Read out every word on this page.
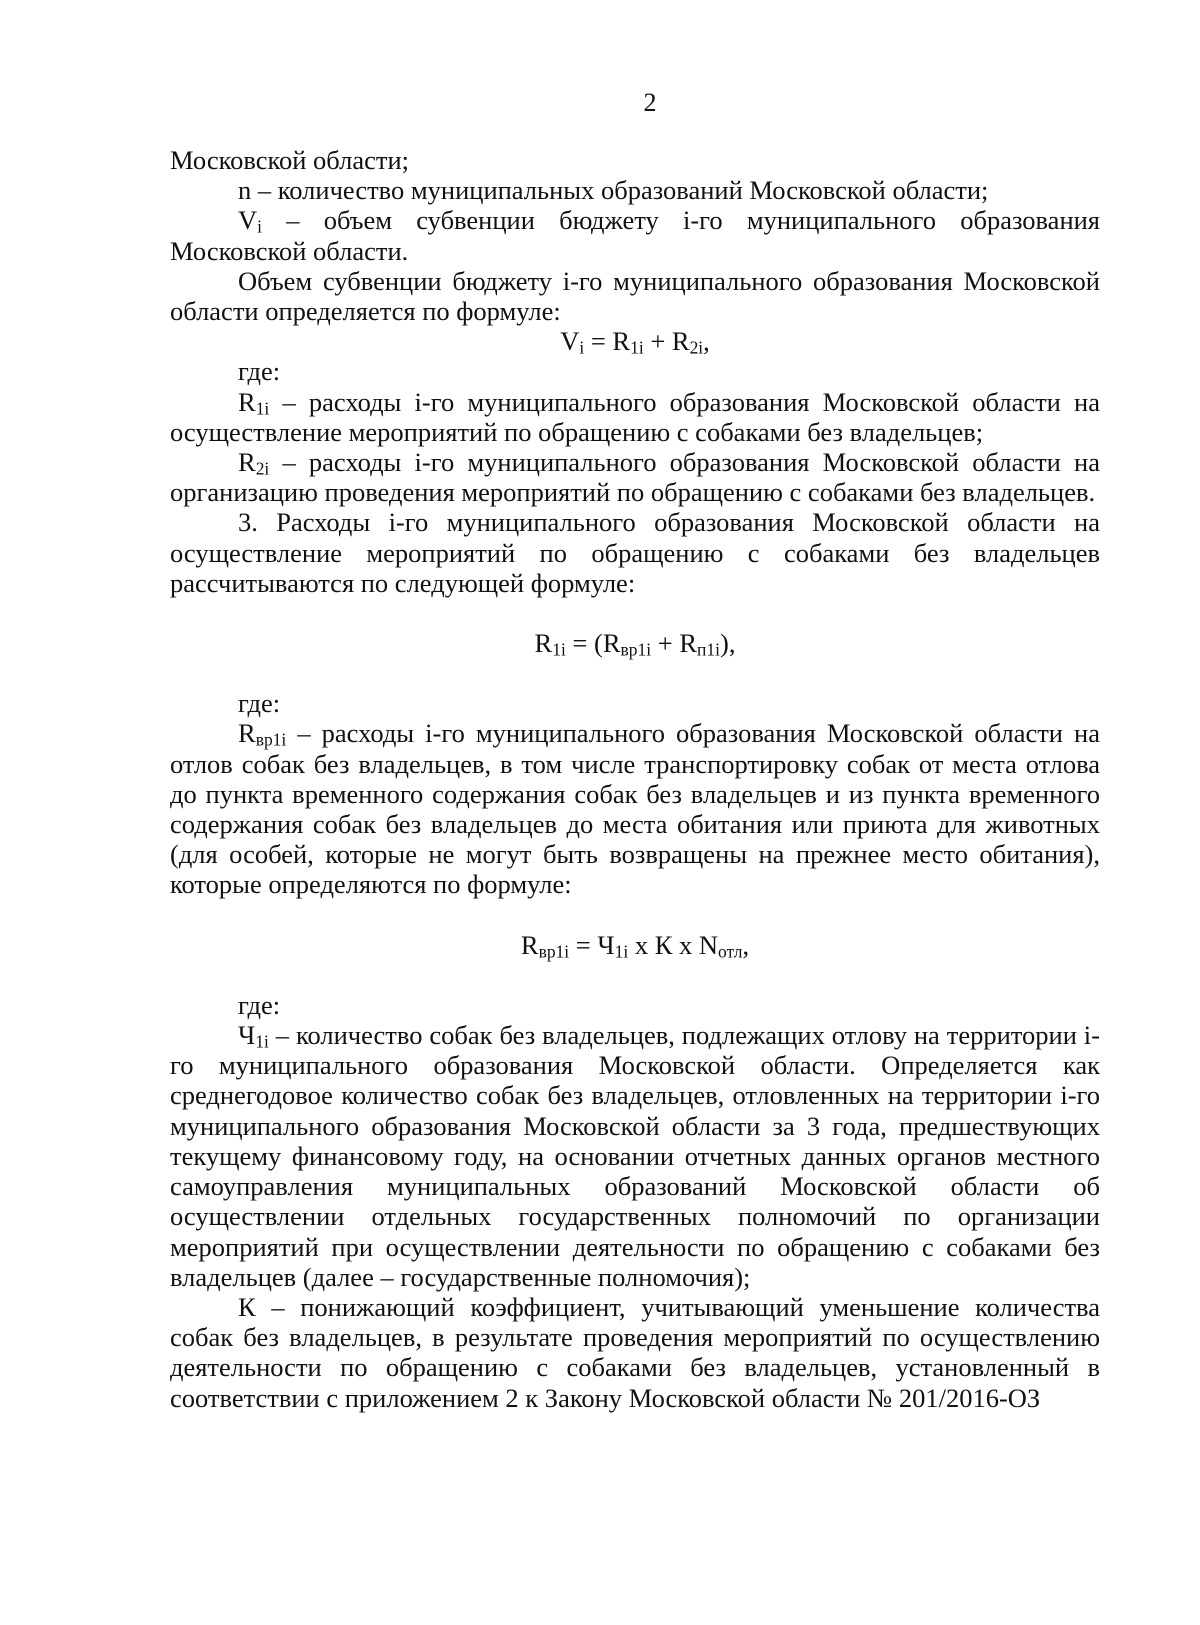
2

Московской области;

n – количество муниципальных образований Московской области;

$V_i$ – объем субвенции бюджету i-го муниципального образования Московской области.

Объем субвенции бюджету i-го муниципального образования Московской области определяется по формуле:

$V_i = R_{1i} + R_{2i}$,

где:

$R_{1i}$ – расходы i-го муниципального образования Московской области на осуществление мероприятий по обращению с собаками без владельцев;

$R_{2i}$ – расходы i-го муниципального образования Московской области на организацию проведения мероприятий по обращению с собаками без владельцев.

3. Расходы i-го муниципального образования Московской области на осуществление мероприятий по обращению с собаками без владельцев рассчитываются по следующей формуле:

$R_{1i} = (R_{вр1i} + R_{п1i})$,

где:

$R_{вр1i}$ – расходы i-го муниципального образования Московской области на отлов собак без владельцев, в том числе транспортировку собак от места отлова до пункта временного содержания собак без владельцев и из пункта временного содержания собак без владельцев до места обитания или приюта для животных (для особей, которые не могут быть возвращены на прежнее место обитания), которые определяются по формуле:

$R_{вр1i} = Ч_{1i}$ х К х $N_{отл}$,

где:

$Ч_{1i}$ – количество собак без владельцев, подлежащих отлову на территории i-го муниципального образования Московской области. Определяется как среднегодовое количество собак без владельцев, отловленных на территории i-го муниципального образования Московской области за 3 года, предшествующих текущему финансовому году, на основании отчетных данных органов местного самоуправления муниципальных образований Московской области об осуществлении отдельных государственных полномочий по организации мероприятий при осуществлении деятельности по обращению с собаками без владельцев (далее – государственные полномочия);

К – понижающий коэффициент, учитывающий уменьшение количества собак без владельцев, в результате проведения мероприятий по осуществлению деятельности по обращению с собаками без владельцев, установленный в соответствии с приложением 2 к Закону Московской области № 201/2016-ОЗ
